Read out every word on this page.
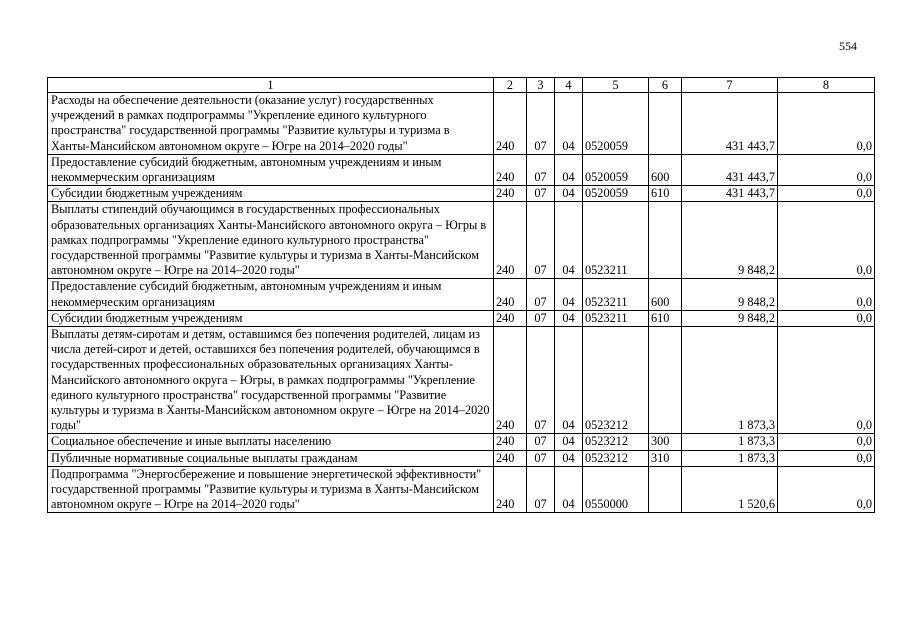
554
1	2	3	4	5	6	7	8
Расходы на обеспечение деятельности (оказание услуг) государственных учреждений в рамках подпрограммы "Укрепление единого культурного пространства" государственной программы "Развитие культуры и туризма в Ханты-Мансийском автономном округе – Югре на 2014–2020 годы"	240	07	04	0520059		431 443,7	0,0
Предоставление субсидий бюджетным, автономным учреждениям и иным некоммерческим организациям	240	07	04	0520059	600	431 443,7	0,0
Субсидии бюджетным учреждениям	240	07	04	0520059	610	431 443,7	0,0
Выплаты стипендий обучающимся в государственных профессиональных образовательных организациях Ханты-Мансийского автономного округа – Югры в рамках подпрограммы "Укрепление единого культурного пространства" государственной программы "Развитие культуры и туризма в Ханты-Мансийском автономном округе – Югре на 2014–2020 годы"	240	07	04	0523211		9 848,2	0,0
Предоставление субсидий бюджетным, автономным учреждениям и иным некоммерческим организациям	240	07	04	0523211	600	9 848,2	0,0
Субсидии бюджетным учреждениям	240	07	04	0523211	610	9 848,2	0,0
Выплаты детям-сиротам и детям, оставшимся без попечения родителей, лицам из числа детей-сирот и детей, оставшихся без попечения родителей, обучающимся в государственных профессиональных образовательных организациях Ханты-Мансийского автономного округа – Югры, в рамках подпрограммы "Укрепление единого культурного пространства" государственной программы "Развитие культуры и туризма в Ханты-Мансийском автономном округе – Югре на 2014–2020 годы"	240	07	04	0523212		1 873,3	0,0
Социальное обеспечение и иные выплаты населению	240	07	04	0523212	300	1 873,3	0,0
Публичные нормативные социальные выплаты гражданам	240	07	04	0523212	310	1 873,3	0,0
Подпрограмма "Энергосбережение и повышение энергетической эффективности" государственной программы "Развитие культуры и туризма в Ханты-Мансийском автономном округе – Югре на 2014–2020 годы"	240	07	04	0550000		1 520,6	0,0
